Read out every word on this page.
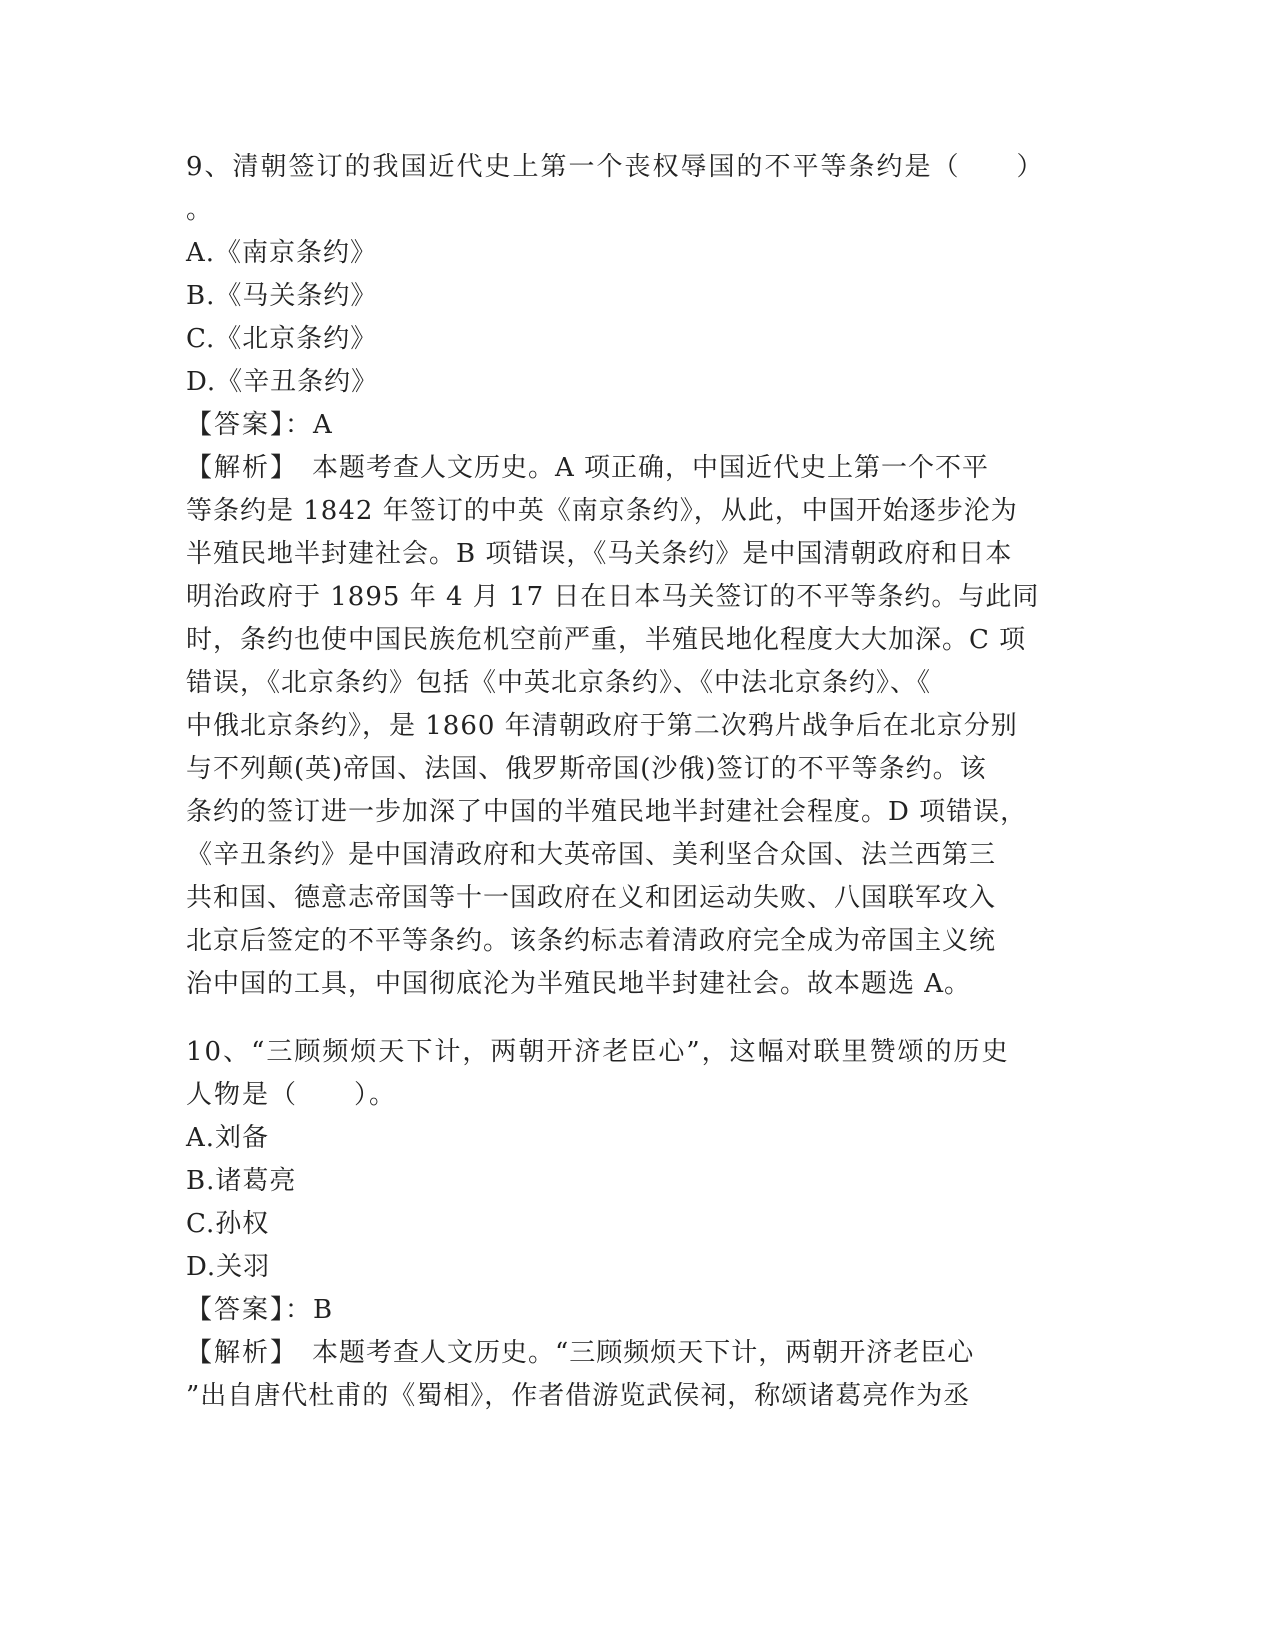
9、清朝签订的我国近代史上第一个丧权辱国的不平等条约是（　　）
。
A.《南京条约》
B.《马关条约》
C.《北京条约》
D.《辛丑条约》
【答案】：A
【解析】　本题考查人文历史。A 项正确，中国近代史上第一个不平
等条约是 1842 年签订的中英《南京条约》，从此，中国开始逐步沦为
半殖民地半封建社会。B 项错误，《马关条约》是中国清朝政府和日本
明治政府于 1895 年 4 月 17 日在日本马关签订的不平等条约。与此同
时，条约也使中国民族危机空前严重，半殖民地化程度大大加深。C 项
错误，《北京条约》包括《中英北京条约》、《中法北京条约》、《
中俄北京条约》，是 1860 年清朝政府于第二次鸦片战争后在北京分别
与不列颠(英)帝国、法国、俄罗斯帝国(沙俄)签订的不平等条约。该
条约的签订进一步加深了中国的半殖民地半封建社会程度。D 项错误，
《辛丑条约》是中国清政府和大英帝国、美利坚合众国、法兰西第三
共和国、德意志帝国等十一国政府在义和团运动失败、八国联军攻入
北京后签定的不平等条约。该条约标志着清政府完全成为帝国主义统
治中国的工具，中国彻底沦为半殖民地半封建社会。故本题选 A。
10、“三顾频烦天下计，两朝开济老臣心”，这幅对联里赞颂的历史
人物是（　　）。
A.刘备
B.诸葛亮
C.孙权
D.关羽
【答案】：B
【解析】　本题考查人文历史。“三顾频烦天下计，两朝开济老臣心
”出自唐代杜甫的《蜀相》，作者借游览武侯祠，称颂诸葛亮作为丞
